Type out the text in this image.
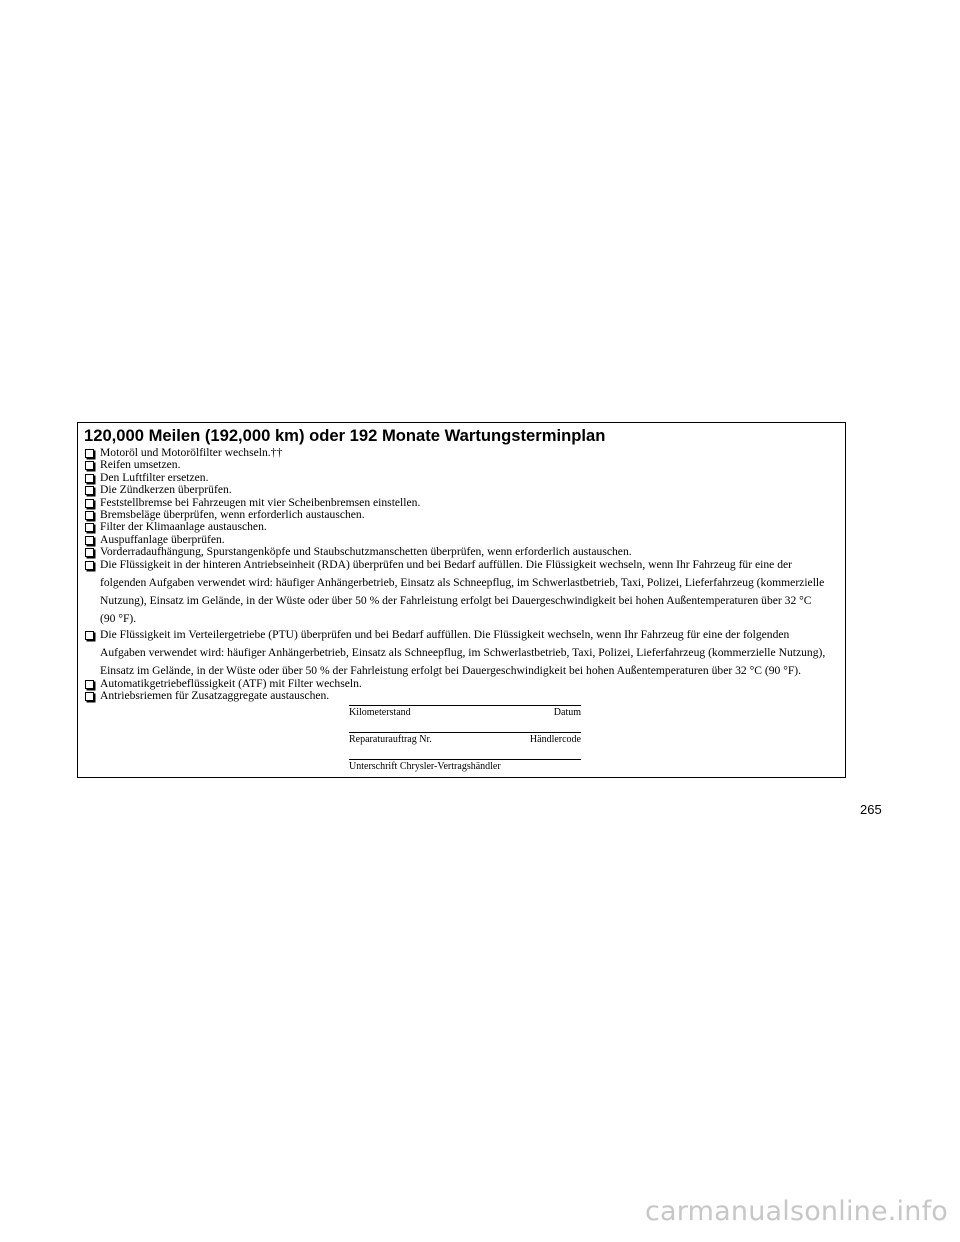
120,000 Meilen (192,000 km) oder 192 Monate Wartungsterminplan
Motoröl und Motorölfilter wechseln.††
Reifen umsetzen.
Den Luftfilter ersetzen.
Die Zündkerzen überprüfen.
Feststellbremse bei Fahrzeugen mit vier Scheibenbremsen einstellen.
Bremsbeläge überprüfen, wenn erforderlich austauschen.
Filter der Klimaanlage austauschen.
Auspuffanlage überprüfen.
Vorderradaufhängung, Spurstangenköpfe und Staubschutzmanschetten überprüfen, wenn erforderlich austauschen.
Die Flüssigkeit in der hinteren Antriebseinheit (RDA) überprüfen und bei Bedarf auffüllen. Die Flüssigkeit wechseln, wenn Ihr Fahrzeug für eine der folgenden Aufgaben verwendet wird: häufiger Anhängerbetrieb, Einsatz als Schneepflug, im Schwerlastbetrieb, Taxi, Polizei, Lieferfahrzeug (kommerzielle Nutzung), Einsatz im Gelände, in der Wüste oder über 50 % der Fahrleistung erfolgt bei Dauergeschwindigkeit bei hohen Außentemperaturen über 32 °C (90 °F).
Die Flüssigkeit im Verteilergetriebe (PTU) überprüfen und bei Bedarf auffüllen. Die Flüssigkeit wechseln, wenn Ihr Fahrzeug für eine der folgenden Aufgaben verwendet wird: häufiger Anhängerbetrieb, Einsatz als Schneepflug, im Schwerlastbetrieb, Taxi, Polizei, Lieferfahrzeug (kommerzielle Nutzung), Einsatz im Gelände, in der Wüste oder über 50 % der Fahrleistung erfolgt bei Dauergeschwindigkeit bei hohen Außentemperaturen über 32 °C (90 °F).
Automatikgetriebeflüssigkeit (ATF) mit Filter wechseln.
Antriebsriemen für Zusatzaggregate austauschen.
Kilometerstand	Datum
Reparaturauftrag Nr.	Händlercode
Unterschrift Chrysler-Vertragshändler
265
carmanualsonline.info
